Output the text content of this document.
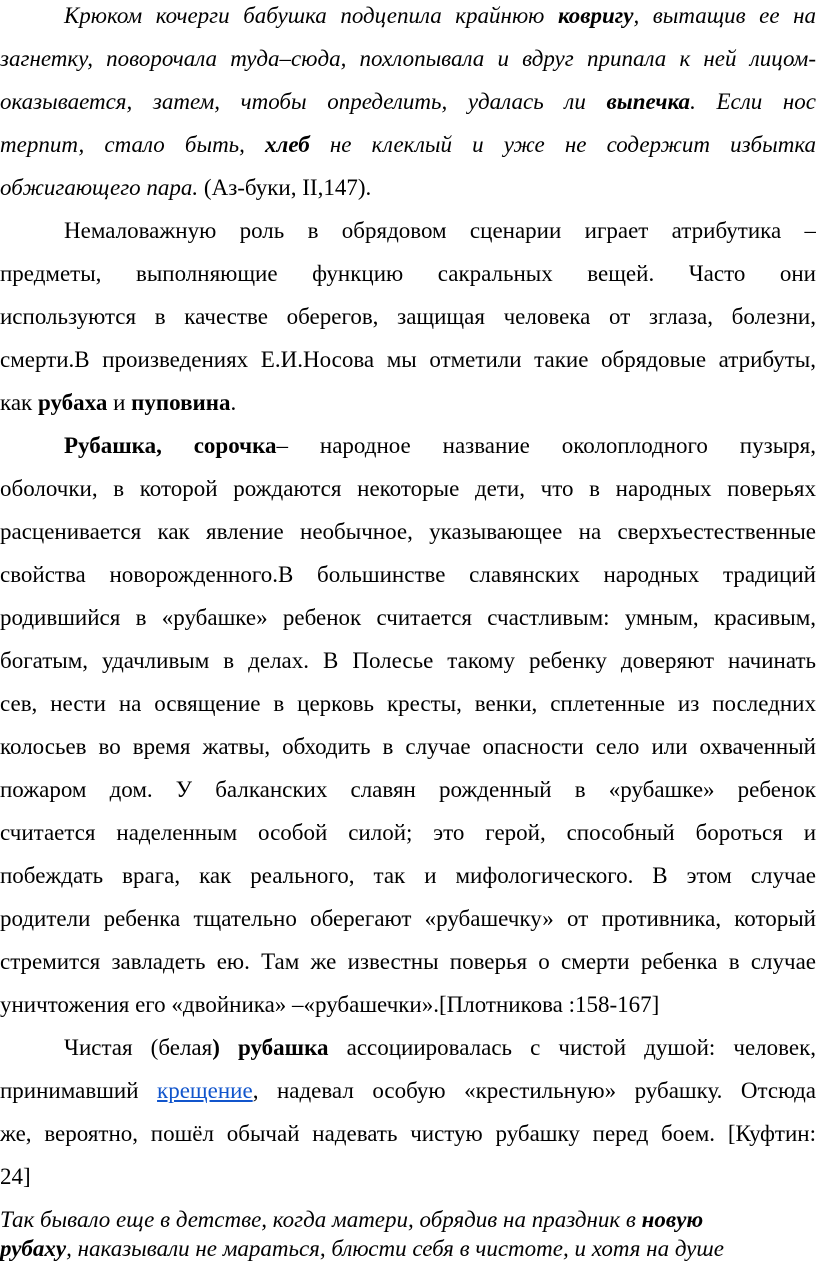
Крюком кочерги бабушка подцепила крайнюю ковригу, вытащив ее на
загнетку, поворочала туда–сюда, похлопывала и вдруг припала к ней лицом-
оказывается, затем, чтобы определить, удалась ли выпечка. Если нос
терпит, стало быть, хлеб не клеклый и уже не содержит избытка
обжигающего пара. (Аз-буки, II,147).
Немаловажную роль в обрядовом сценарии играет атрибутика –
предметы, выполняющие функцию сакральных вещей. Часто они
используются в качестве оберегов, защищая человека от зглаза, болезни,
смерти.В произведениях Е.И.Носова мы отметили такие обрядовые атрибуты,
как рубаха и пуповина.
Рубашка, сорочка– народное название околоплодного пузыря,
оболочки, в которой рождаются некоторые дети, что в народных поверьях
расценивается как явление необычное, указывающее на сверхъестественные
свойства новорожденного.В большинстве славянских народных традиций
родившийся в «рубашке» ребенок считается счастливым: умным, красивым,
богатым, удачливым в делах. В Полесье такому ребенку доверяют начинать
сев, нести на освящение в церковь кресты, венки, сплетенные из последних
колосьев во время жатвы, обходить в случае опасности село или охваченный
пожаром дом. У балканских славян рожденный в «рубашке» ребенок
считается наделенным особой силой; это герой, способный бороться и
побеждать врага, как реального, так и мифологического. В этом случае
родители ребенка тщательно оберегают «рубашечку» от противника, который
стремится завладеть ею. Там же известны поверья о смерти ребенка в случае
уничтожения его «двойника» –«рубашечки».[Плотникова :158-167]
Чистая (белая) рубашка ассоциировалась с чистой душой: человек,
принимавший крещение, надевал особую «крестильную» рубашку. Отсюда
же, вероятно, пошёл обычай надевать чистую рубашку перед боем. [Куфтин:
24]
Так бывало еще в детстве, когда матери, обрядив на праздник в новую
рубаху, наказывали не мараться, блюсти себя в чистоте, и хотя на душе
